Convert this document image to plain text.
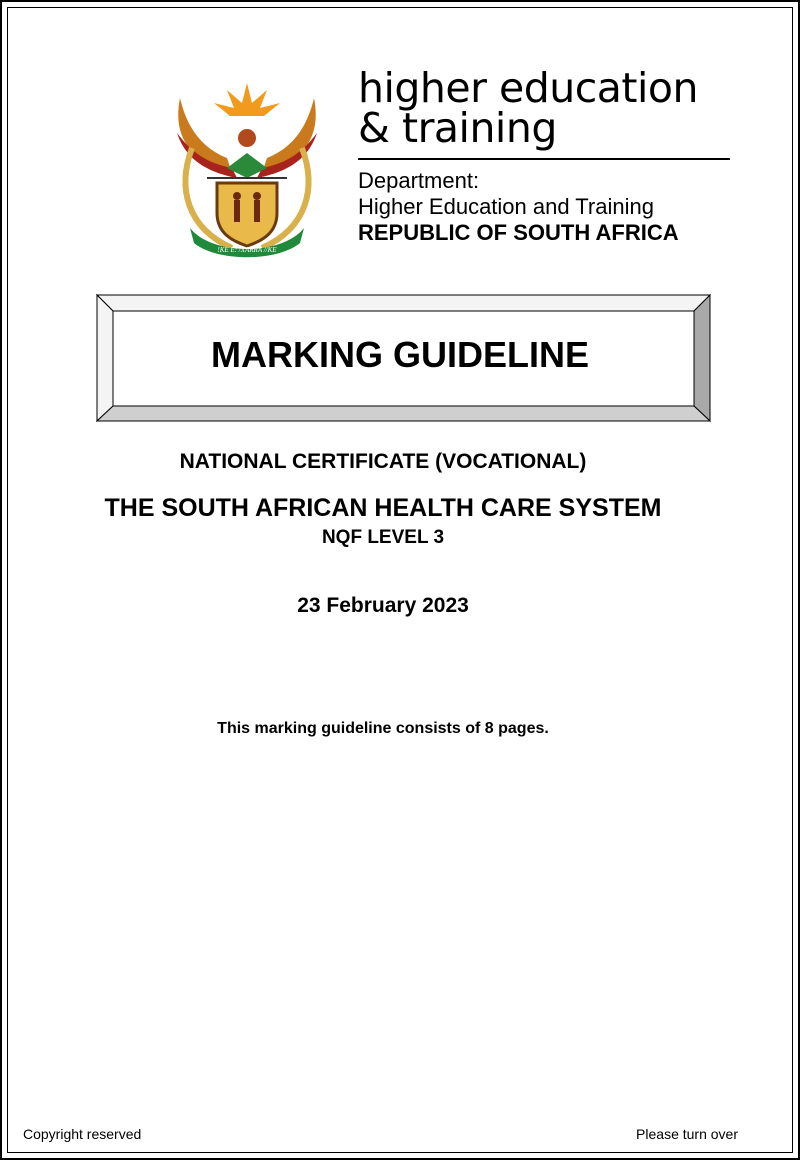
!KE E: /XARRA //KE
higher education
& training
Department:
Higher Education and Training
REPUBLIC OF SOUTH AFRICA
MARKING GUIDELINE
NATIONAL CERTIFICATE (VOCATIONAL)
THE SOUTH AFRICAN HEALTH CARE SYSTEM
NQF LEVEL 3
23 February 2023
This marking guideline consists of 8 pages.
Copyright reserved	Please turn over
